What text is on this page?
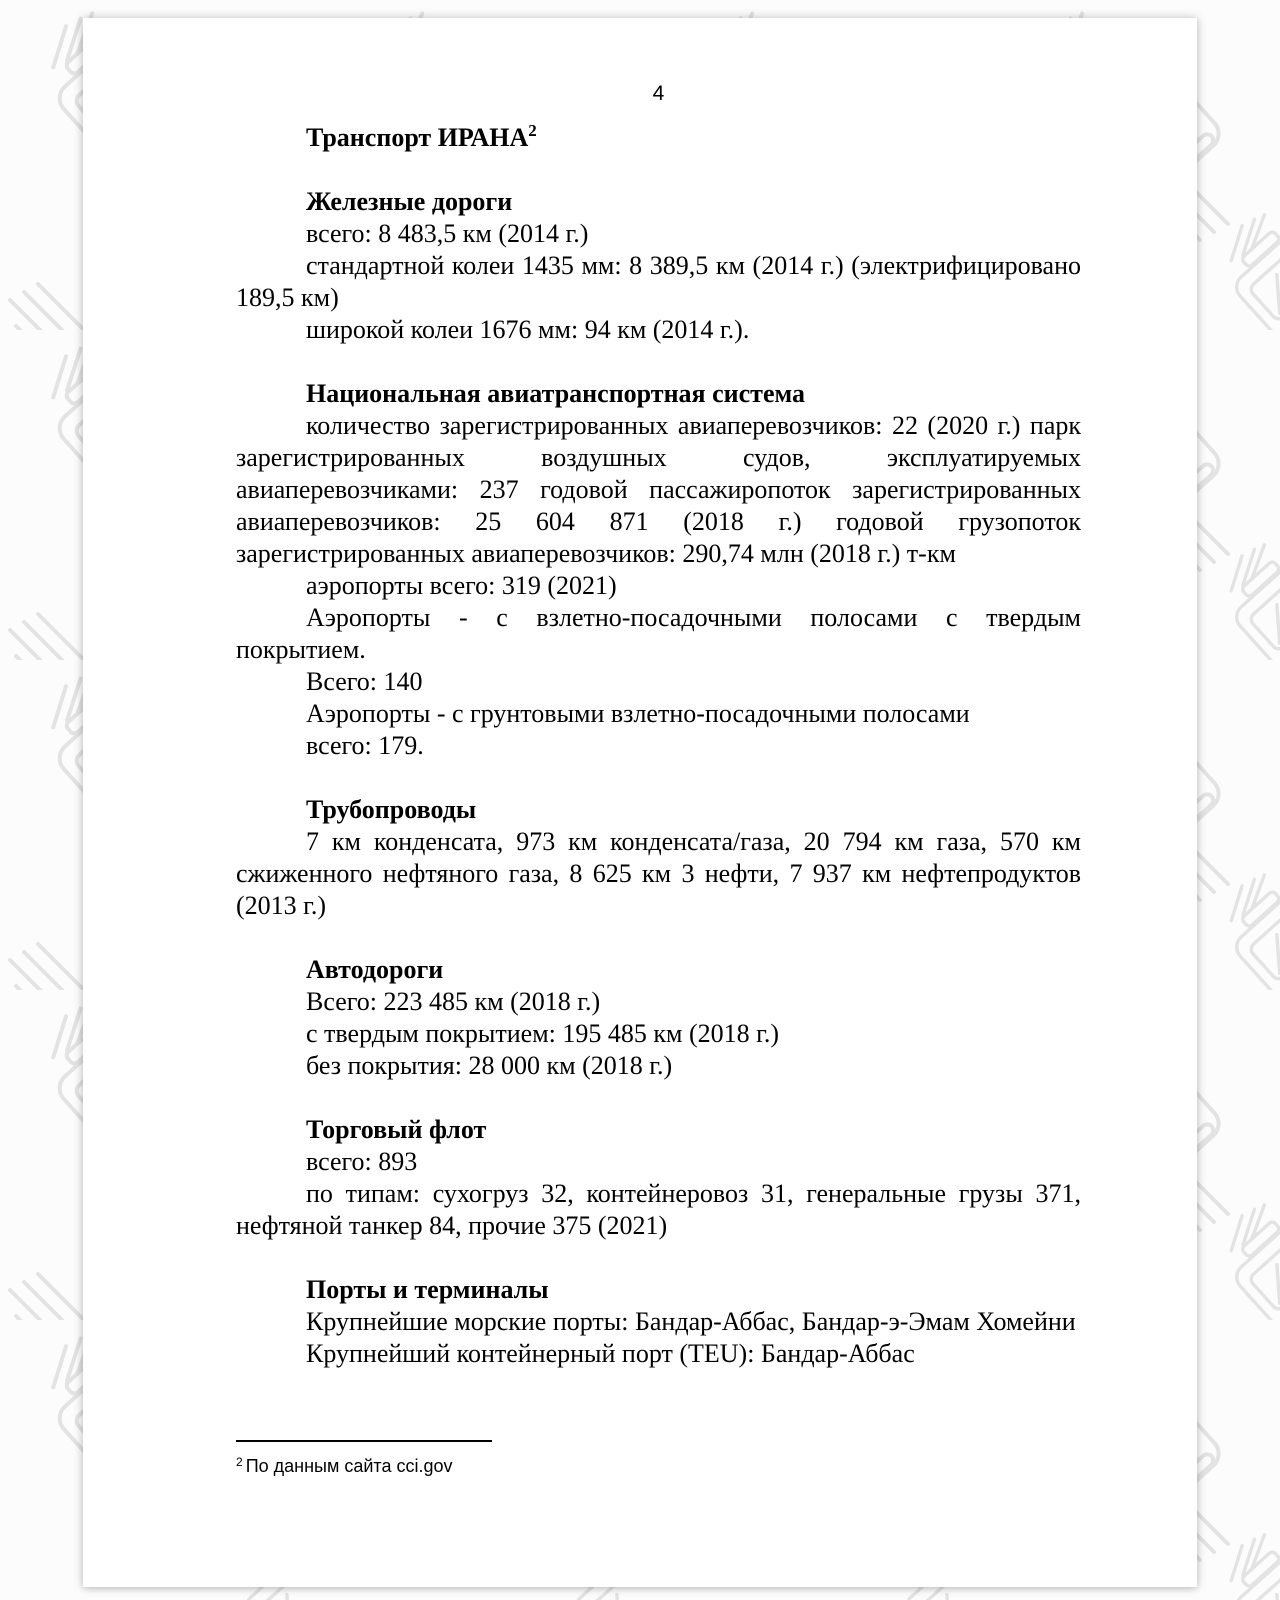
4
Транспорт ИРАНА$^2$
Железные дороги

всего: 8 483,5 км (2014 г.)

стандартной колеи 1435 мм: 8 389,5 км (2014 г.) (электрифицировано 189,5 км)

широкой колеи 1676 мм: 94 км (2014 г.).

Национальная авиатранспортная система

количество зарегистрированных авиаперевозчиков: 22 (2020 г.) парк зарегистрированных воздушных судов, эксплуатируемых авиаперевозчиками: 237 годовой пассажиропоток зарегистрированных авиаперевозчиков: 25 604 871 (2018 г.) годовой грузопоток зарегистрированных авиаперевозчиков: 290,74 млн (2018 г.) т-км

аэропорты всего: 319 (2021)

Аэропорты - с взлетно-посадочными полосами с твердым покрытием.

Всего: 140

Аэропорты - с грунтовыми взлетно-посадочными полосами

всего: 179.

Трубопроводы

7 км конденсата, 973 км конденсата/газа, 20 794 км газа, 570 км сжиженного нефтяного газа, 8 625 км 3 нефти, 7 937 км нефтепродуктов (2013 г.)

Автодороги

Всего: 223 485 км (2018 г.)

с твердым покрытием: 195 485 км (2018 г.)

без покрытия: 28 000 км (2018 г.)

Торговый флот

всего: 893

по типам: сухогруз 32, контейнеровоз 31, генеральные грузы 371, нефтяной танкер 84, прочие 375 (2021)

Порты и терминалы

Крупнейшие морские порты: Бандар-Аббас, Бандар-э-Эмам Хомейни

Крупнейший контейнерный порт (TEU): Бандар-Аббас

$^2$ По данным сайта cci.gov
